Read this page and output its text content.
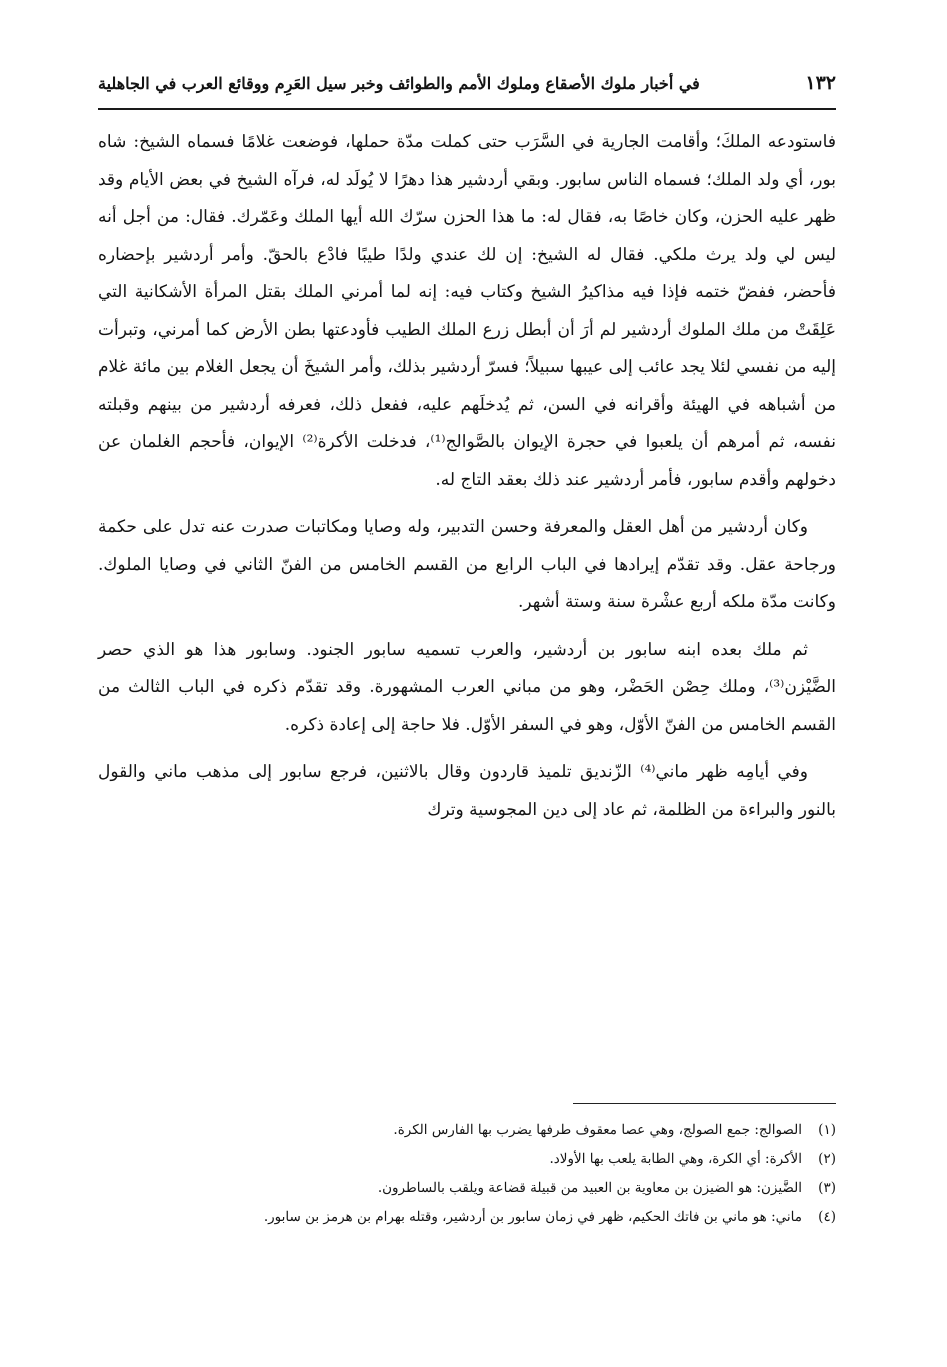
١٣٢
في أخبار ملوك الأصقاع وملوك الأمم والطوائف وخبر سيل العَرِم ووقائع العرب في الجاهلية

فاستودعه الملكَ؛ وأقامت الجارية في السَّرَب حتى كملت مدّة حملها، فوضعت غلامًا فسماه الشيخ: شاه بور، أي ولد الملك؛ فسماه الناس سابور. وبقي أردشير هذا دهرًا لا يُولَد له، فرآه الشيخ في بعض الأيام وقد ظهر عليه الحزن، وكان خاصًا به، فقال له: ما هذا الحزن سرّك الله أيها الملك وعَمّرك. فقال: من أجل أنه ليس لي ولد يرث ملكي. فقال له الشيخ: إن لك عندي ولدًا طيبًا فادْع بالحقّ. وأمر أردشير بإحضاره فأحضر، ففضّ ختمه فإذا فيه مذاكيرُ الشيخ وكتاب فيه: إنه لما أمرني الملك بقتل المرأة الأشكانية التي عَلِقَتْ من ملك الملوك أردشير لم أرَ أن أبطل زرع الملك الطيب فأودعتها بطن الأرض كما أمرني، وتبرأت إليه من نفسي لئلا يجد عائب إلى عيبها سبيلاً؛ فسرّ أردشير بذلك، وأمر الشيخَ أن يجعل الغلام بين مائة غلام من أشباهه في الهيئة وأقرانه في السن، ثم يُدخلَهم عليه، ففعل ذلك، فعرفه أردشير من بينهم وقبلته نفسه، ثم أمرهم أن يلعبوا في حجرة الإيوان بالصَّوالج⁽¹⁾، فدخلت الأكرة⁽²⁾ الإيوان، فأحجم الغلمان عن دخولهم وأقدم سابور، فأمر أردشير عند ذلك بعقد التاج له.

وكان أردشير من أهل العقل والمعرفة وحسن التدبير، وله وصايا ومكاتبات صدرت عنه تدل على حكمة ورجاحة عقل. وقد تقدّم إيرادها في الباب الرابع من القسم الخامس من الفنّ الثاني في وصايا الملوك. وكانت مدّة ملكه أربع عشْرة سنة وستة أشهر.

ثم ملك بعده ابنه سابور بن أردشير، والعرب تسميه سابور الجنود. وسابور هذا هو الذي حصر الضَّيْزن⁽³⁾، وملك حِصْن الحَضْر، وهو من مباني العرب المشهورة. وقد تقدّم ذكره في الباب الثالث من القسم الخامس من الفنّ الأوّل، وهو في السفر الأوّل. فلا حاجة إلى إعادة ذكره.

وفي أيامِه ظهر ماني⁽⁴⁾ الزّنديق تلميذ قاردون وقال بالاثنين، فرجع سابور إلى مذهب ماني والقول بالنور والبراءة من الظلمة، ثم عاد إلى دين المجوسية وترك

(١)
الصوالج: جمع الصولج، وهي عصا معقوف طرفها يضرب بها الفارس الكرة.
(٢)
الأكرة: أي الكرة، وهي الطابة يلعب بها الأولاد.
(٣)
الضَّيزن: هو الضيزن بن معاوية بن العبيد من قبيلة قضاعة ويلقب بالساطرون.
(٤)
ماني: هو ماني بن فاتك الحكيم، ظهر في زمان سابور بن أردشير، وقتله بهرام بن هرمز بن سابور.
